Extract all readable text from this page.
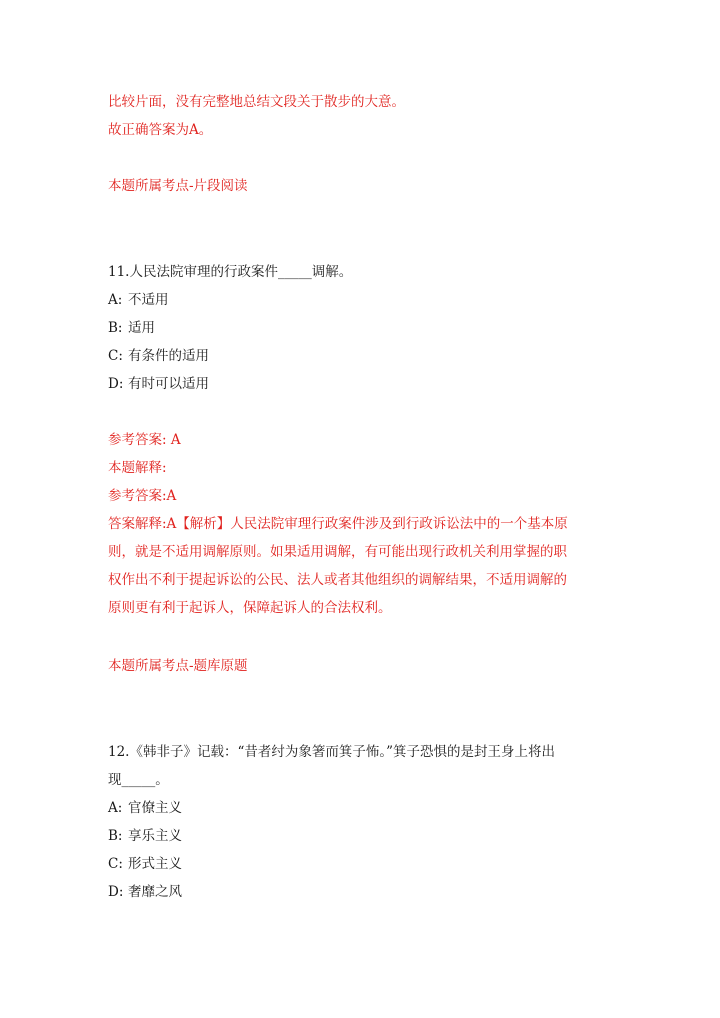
比较片面，没有完整地总结文段关于散步的大意。
故正确答案为A。
本题所属考点-片段阅读
11.人民法院审理的行政案件_____调解。
A: 不适用
B: 适用
C: 有条件的适用
D: 有时可以适用
参考答案: A
本题解释:
参考答案:A
答案解释:A【解析】人民法院审理行政案件涉及到行政诉讼法中的一个基本原
则，就是不适用调解原则。如果适用调解，有可能出现行政机关利用掌握的职
权作出不利于提起诉讼的公民、法人或者其他组织的调解结果，不适用调解的
原则更有利于起诉人，保障起诉人的合法权利。
本题所属考点-题库原题
12.《韩非子》记载：“昔者纣为象箸而箕子怖。”箕子恐惧的是封王身上将出
现_____。
A: 官僚主义
B: 享乐主义
C: 形式主义
D: 奢靡之风
